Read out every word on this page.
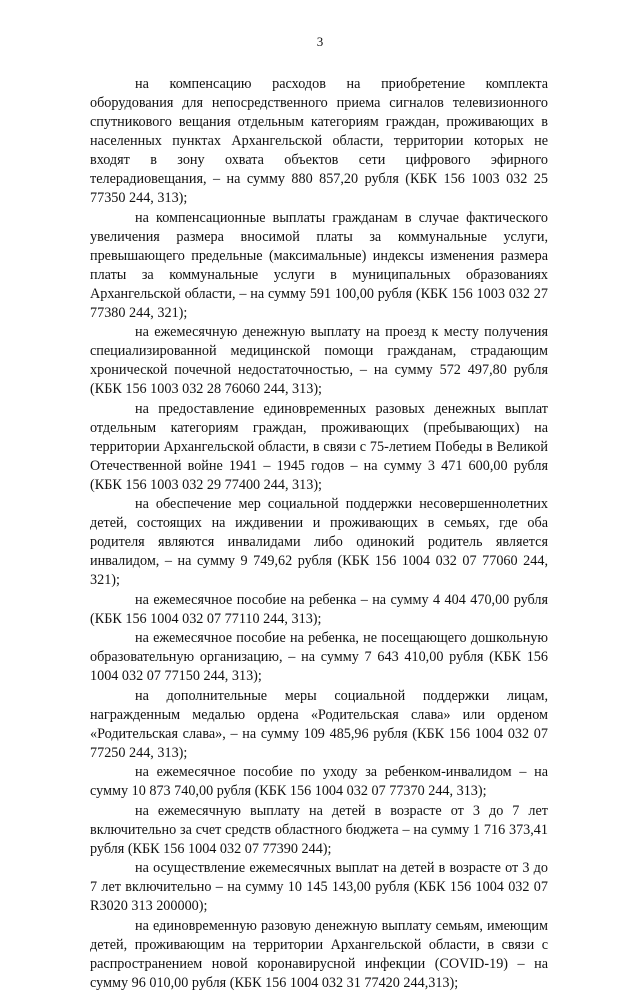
3

на компенсацию расходов на приобретение комплекта оборудования для непосредственного приема сигналов телевизионного спутникового вещания отдельным категориям граждан, проживающих в населенных пунктах Архангельской области, территории которых не входят в зону охвата объектов сети цифрового эфирного телерадиовещания, – на сумму 880 857,20 рубля (КБК 156 1003 032 25 77350 244, 313);

на компенсационные выплаты гражданам в случае фактического увеличения размера вносимой платы за коммунальные услуги, превышающего предельные (максимальные) индексы изменения размера платы за коммунальные услуги в муниципальных образованиях Архангельской области, – на сумму 591 100,00 рубля (КБК 156 1003 032 27 77380 244, 321);

на ежемесячную денежную выплату на проезд к месту получения специализированной медицинской помощи гражданам, страдающим хронической почечной недостаточностью, – на сумму 572 497,80 рубля (КБК 156 1003 032 28 76060 244, 313);

на предоставление единовременных разовых денежных выплат отдельным категориям граждан, проживающих (пребывающих) на территории Архангельской области, в связи с 75-летием Победы в Великой Отечественной войне 1941 – 1945 годов – на сумму 3 471 600,00 рубля (КБК 156 1003 032 29 77400 244, 313);

на обеспечение мер социальной поддержки несовершеннолетних детей, состоящих на иждивении и проживающих в семьях, где оба родителя являются инвалидами либо одинокий родитель является инвалидом, – на сумму 9 749,62 рубля (КБК 156 1004 032 07 77060 244, 321);

на ежемесячное пособие на ребенка – на сумму 4 404 470,00 рубля (КБК 156 1004 032 07 77110 244, 313);

на ежемесячное пособие на ребенка, не посещающего дошкольную образовательную организацию, – на сумму 7 643 410,00 рубля (КБК 156 1004 032 07 77150 244, 313);

на дополнительные меры социальной поддержки лицам, награжденным медалью ордена «Родительская слава» или орденом «Родительская слава», – на сумму 109 485,96 рубля (КБК 156 1004 032 07 77250 244, 313);

на ежемесячное пособие по уходу за ребенком-инвалидом – на сумму 10 873 740,00 рубля (КБК 156 1004 032 07 77370 244, 313);

на ежемесячную выплату на детей в возрасте от 3 до 7 лет включительно за счет средств областного бюджета – на сумму 1 716 373,41 рубля (КБК 156 1004 032 07 77390 244);

на осуществление ежемесячных выплат на детей в возрасте от 3 до 7 лет включительно – на сумму 10 145 143,00 рубля (КБК 156 1004 032 07 R3020 313 200000);

на единовременную разовую денежную выплату семьям, имеющим детей, проживающим на территории Архангельской области, в связи с распространением новой коронавирусной инфекции (COVID-19) – на сумму 96 010,00 рубля (КБК 156 1004 032 31 77420 244,313);
